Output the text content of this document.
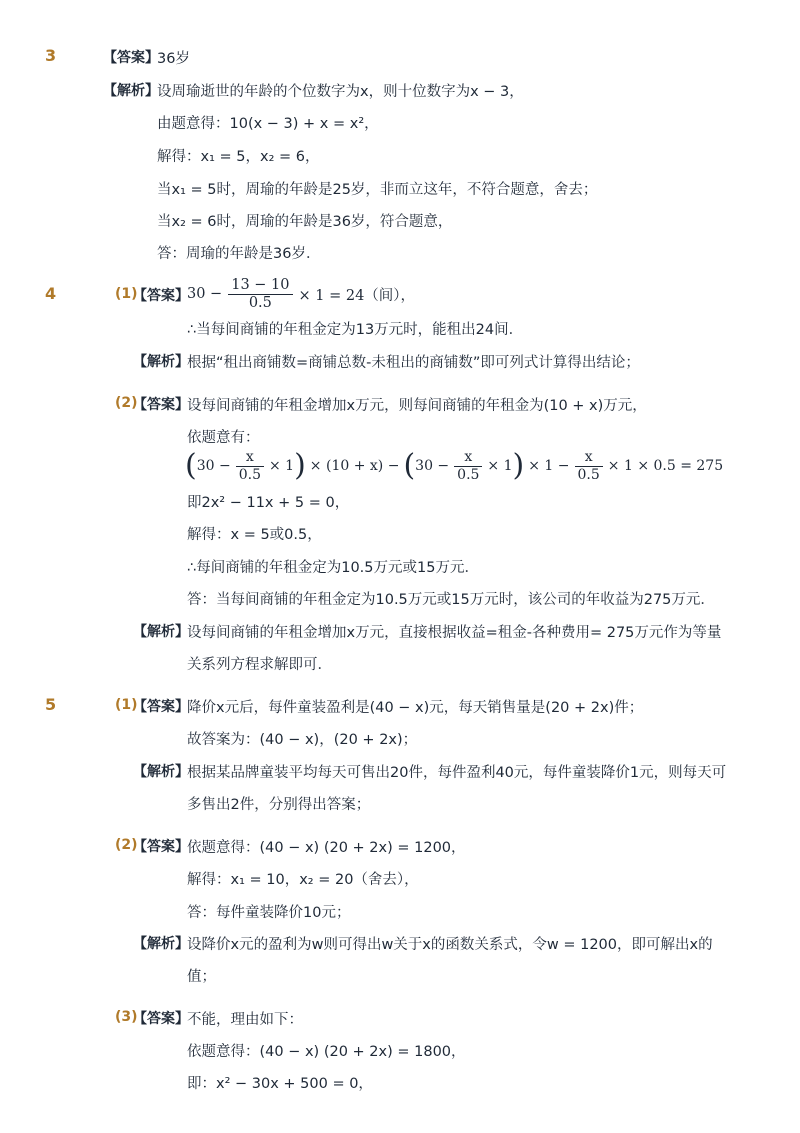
3	【答案】
36岁
【解析】
设周瑜逝世的年龄的个位数字为x，则十位数字为x − 3，
由题意得：10(x − 3) + x = x²，
解得：x₁ = 5，x₂ = 6，
当x₁ = 5时，周瑜的年龄是25岁，非而立这年，不符合题意，舍去；
当x₂ = 6时，周瑜的年龄是36岁，符合题意，
答：周瑜的年龄是36岁．
4	(1)
【答案】
$30 - \frac{13 - 10}{0.5} \times 1 = 24$（间），
∴当每间商铺的年租金定为13万元时，能租出24间．
【解析】
根据“租出商铺数=商铺总数-未租出的商铺数”即可列式计算得出结论；
(2)
【答案】
设每间商铺的年租金增加x万元，则每间商铺的年租金为(10 + x)万元，
依题意有：
( $30 - \frac{x}{0.5} \times 1$ ) × (10 + x) − ( $30 - \frac{x}{0.5} \times 1$ ) × $1 - \frac{x}{0.5} \times 1 \times 0.5 = 275$
即2x² − 11x + 5 = 0，
解得：x = 5或0.5，
∴每间商铺的年租金定为10.5万元或15万元．
答：当每间商铺的年租金定为10.5万元或15万元时，该公司的年收益为275万元．
【解析】
设每间商铺的年租金增加x万元，直接根据收益=租金-各种费用= 275万元作为等量
关系列方程求解即可．
5	(1)
【答案】
降价x元后，每件童装盈利是(40 − x)元，每天销售量是(20 + 2x)件；
故答案为：(40 − x)，(20 + 2x)；
【解析】
根据某品牌童装平均每天可售出20件，每件盈利40元，每件童装降价1元，则每天可
多售出2件，分别得出答案；
(2)
【答案】
依题意得：(40 − x) (20 + 2x) = 1200，
解得：x₁ = 10，x₂ = 20（舍去），
答：每件童装降价10元；
【解析】
设降价x元的盈利为w则可得出w关于x的函数关系式，令w = 1200，即可解出x的
值；
(3)
【答案】
不能，理由如下：
依题意得：(40 − x) (20 + 2x) = 1800，
即：x² − 30x + 500 = 0，
